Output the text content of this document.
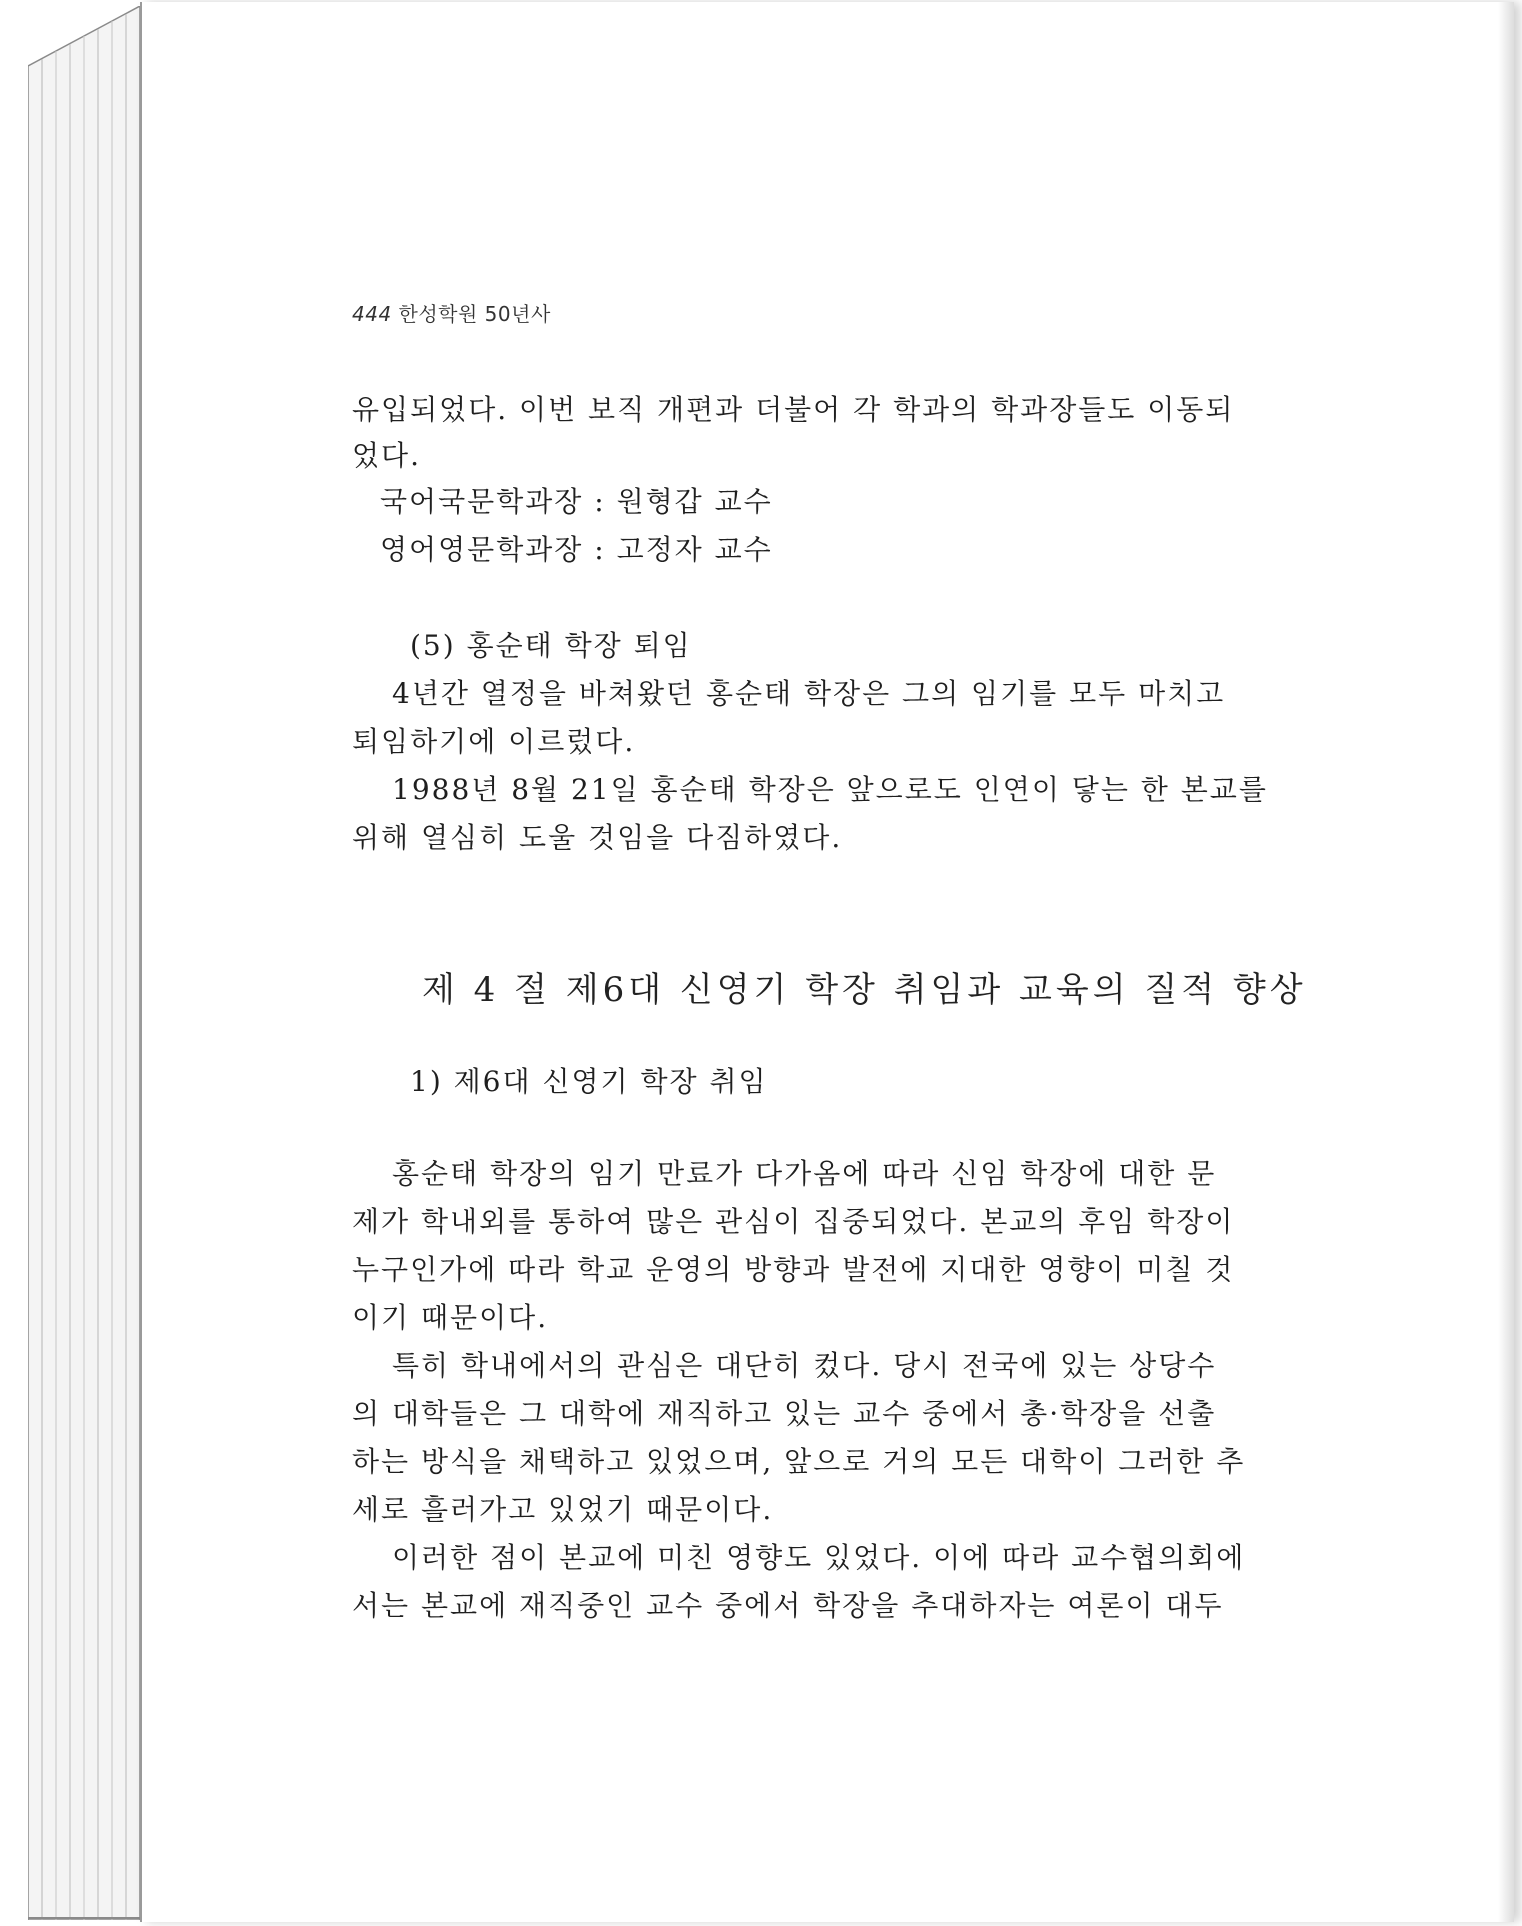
444 한성학원 50년사
유입되었다. 이번 보직 개편과 더불어 각 학과의 학과장들도 이동되
었다.
국어국문학과장 : 원형갑 교수
영어영문학과장 : 고정자 교수
(5) 홍순태 학장 퇴임
4년간 열정을 바쳐왔던 홍순태 학장은 그의 임기를 모두 마치고
퇴임하기에 이르렀다.
1988년 8월 21일 홍순태 학장은 앞으로도 인연이 닿는 한 본교를
위해 열심히 도울 것임을 다짐하였다.
제 4 절 제6대 신영기 학장 취임과 교육의 질적 향상
1) 제6대 신영기 학장 취임
홍순태 학장의 임기 만료가 다가옴에 따라 신임 학장에 대한 문
제가 학내외를 통하여 많은 관심이 집중되었다. 본교의 후임 학장이
누구인가에 따라 학교 운영의 방향과 발전에 지대한 영향이 미칠 것
이기 때문이다.
특히 학내에서의 관심은 대단히 컸다. 당시 전국에 있는 상당수
의 대학들은 그 대학에 재직하고 있는 교수 중에서 총·학장을 선출
하는 방식을 채택하고 있었으며, 앞으로 거의 모든 대학이 그러한 추
세로 흘러가고 있었기 때문이다.
이러한 점이 본교에 미친 영향도 있었다. 이에 따라 교수협의회에
서는 본교에 재직중인 교수 중에서 학장을 추대하자는 여론이 대두
